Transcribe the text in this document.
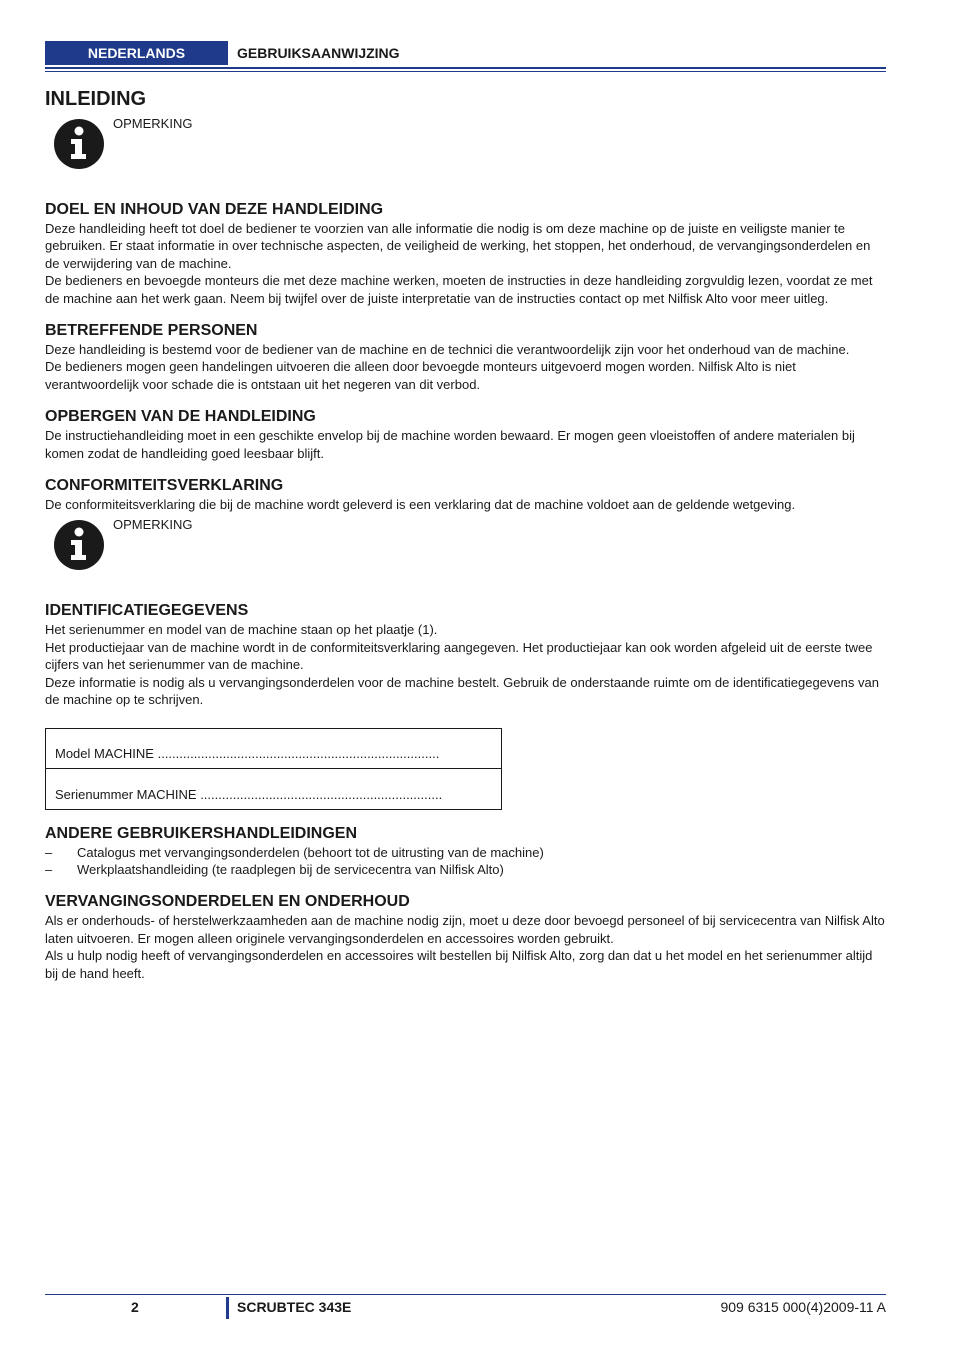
NEDERLANDS	GEBRUIKSAANWIJZING
INLEIDING
OPMERKING
DOEL EN INHOUD VAN DEZE HANDLEIDING

Deze handleiding heeft tot doel de bediener te voorzien van alle informatie die nodig is om deze machine op de juiste en veiligste manier te gebruiken. Er staat informatie in over technische aspecten, de veiligheid de werking, het stoppen, het onderhoud, de vervangingsonderdelen en de verwijdering van de machine.

De bedieners en bevoegde monteurs die met deze machine werken, moeten de instructies in deze handleiding zorgvuldig lezen, voordat ze met de machine aan het werk gaan. Neem bij twijfel over de juiste interpretatie van de instructies contact op met Nilfisk Alto voor meer uitleg.

BETREFFENDE PERSONEN

Deze handleiding is bestemd voor de bediener van de machine en de technici die verantwoordelijk zijn voor het onderhoud van de machine.

De bedieners mogen geen handelingen uitvoeren die alleen door bevoegde monteurs uitgevoerd mogen worden. Nilfisk Alto is niet verantwoordelijk voor schade die is ontstaan uit het negeren van dit verbod.

OPBERGEN VAN DE HANDLEIDING

De instructiehandleiding moet in een geschikte envelop bij de machine worden bewaard. Er mogen geen vloeistoffen of andere materialen bij komen zodat de handleiding goed leesbaar blijft.

CONFORMITEITSVERKLARING

De conformiteitsverklaring die bij de machine wordt geleverd is een verklaring dat de machine voldoet aan de geldende wetgeving.

OPMERKING
IDENTIFICATIEGEGEVENS

Het serienummer en model van de machine staan op het plaatje (1).

Het productiejaar van de machine wordt in de conformiteitsverklaring aangegeven. Het productiejaar kan ook worden afgeleid uit de eerste twee cijfers van het serienummer van de machine.

Deze informatie is nodig als u vervangingsonderdelen voor de machine bestelt. Gebruik de onderstaande ruimte om de identificatiegegevens van de machine op te schrijven.

Model MACHINE ..............................................................................
Serienummer MACHINE ...................................................................
ANDERE GEBRUIKERSHANDLEIDINGEN
– Catalogus met vervangingsonderdelen (behoort tot de uitrusting van de machine)
– Werkplaatshandleiding (te raadplegen bij de servicecentra van Nilfisk Alto)
VERVANGINGSONDERDELEN EN ONDERHOUD

Als er onderhouds- of herstelwerkzaamheden aan de machine nodig zijn, moet u deze door bevoegd personeel of bij servicecentra van Nilfisk Alto laten uitvoeren. Er mogen alleen originele vervangingsonderdelen en accessoires worden gebruikt.

Als u hulp nodig heeft of vervangingsonderdelen en accessoires wilt bestellen bij Nilfisk Alto, zorg dan dat u het model en het serienummer altijd bij de hand heeft.

2	SCRUBTEC 343E	909 6315 000(4)2009-11 A
